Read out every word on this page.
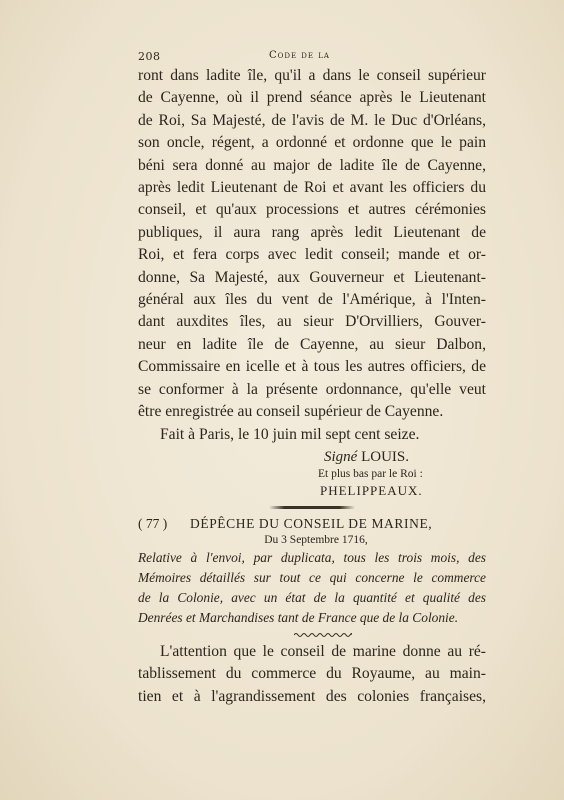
208	Code de la
ront dans ladite île, qu'il a dans le conseil supérieur
de Cayenne, où il prend séance après le Lieutenant
de Roi, Sa Majesté, de l'avis de M. le Duc d'Orléans,
son oncle, régent, a ordonné et ordonne que le pain
béni sera donné au major de ladite île de Cayenne,
après ledit Lieutenant de Roi et avant les officiers du
conseil, et qu'aux processions et autres cérémonies
publiques, il aura rang après ledit Lieutenant de
Roi, et fera corps avec ledit conseil; mande et or-
donne, Sa Majesté, aux Gouverneur et Lieutenant-
général aux îles du vent de l'Amérique, à l'Inten-
dant auxdites îles, au sieur D'Orvilliers, Gouver-
neur en ladite île de Cayenne, au sieur Dalbon,
Commissaire en icelle et à tous les autres officiers, de
se conformer à la présente ordonnance, qu'elle veut
être enregistrée au conseil supérieur de Cayenne.
Fait à Paris, le 10 juin mil sept cent seize.
Signé LOUIS.
Et plus bas par le Roi :
PHELIPPEAUX.
( 77 ) DÉPÊCHE DU CONSEIL DE MARINE,
Du 3 Septembre 1716,
Relative à l'envoi, par duplicata, tous les trois mois, des
Mémoires détaillés sur tout ce qui concerne le commerce
de la Colonie, avec un état de la quantité et qualité des
Denrées et Marchandises tant de France que de la Colonie.
L'attention que le conseil de marine donne au ré-
tablissement du commerce du Royaume, au main-
tien et à l'agrandissement des colonies françaises,
